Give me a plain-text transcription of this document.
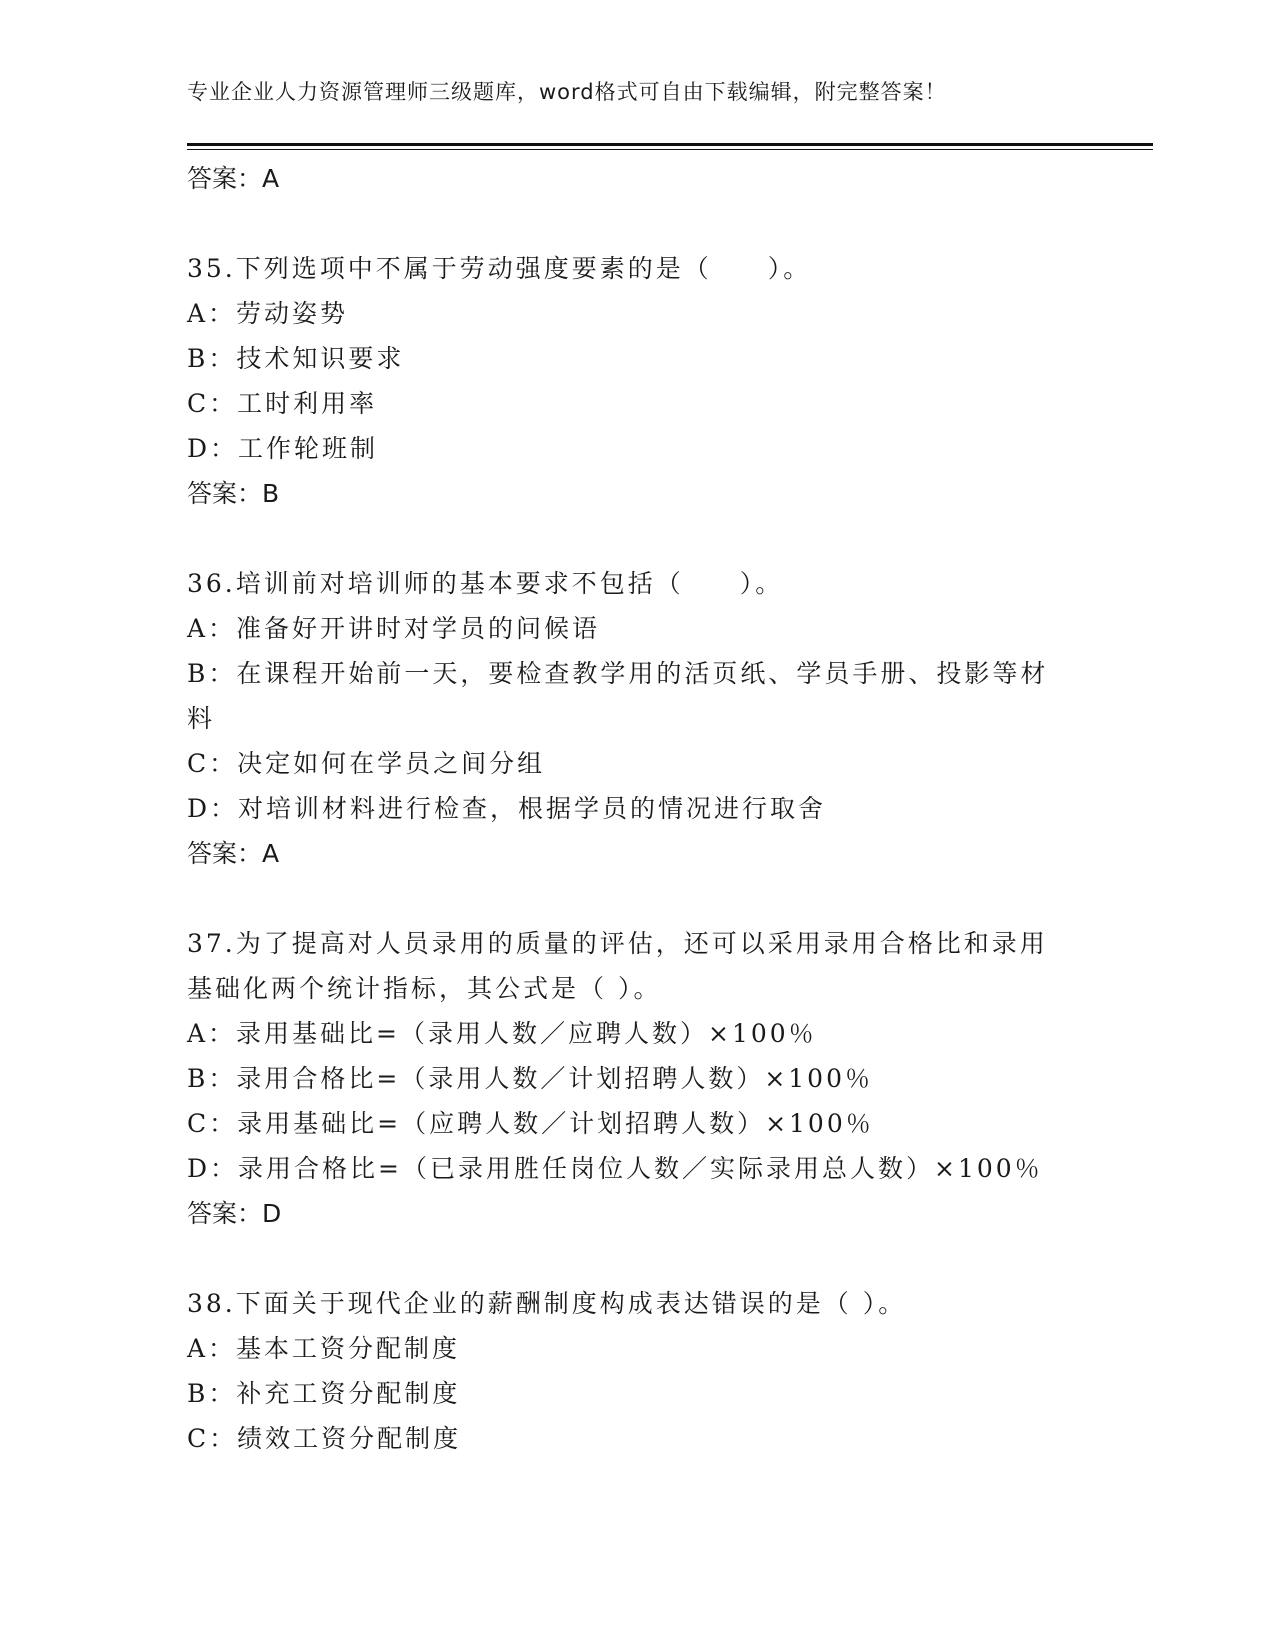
专业企业人力资源管理师三级题库，word格式可自由下载编辑，附完整答案！
答案：A
35.下列选项中不属于劳动强度要素的是（　　）。
A：劳动姿势
B：技术知识要求
C：工时利用率
D：工作轮班制
答案：B
36.培训前对培训师的基本要求不包括（　　）。
A：准备好开讲时对学员的问候语
B：在课程开始前一天，要检查教学用的活页纸、学员手册、投影等材料
C：决定如何在学员之间分组
D：对培训材料进行检查，根据学员的情况进行取舍
答案：A
37.为了提高对人员录用的质量的评估，还可以采用录用合格比和录用基础化两个统计指标，其公式是（ ）。
A：录用基础比=（录用人数／应聘人数）×100％
B：录用合格比=（录用人数／计划招聘人数）×100％
C：录用基础比=（应聘人数／计划招聘人数）×100％
D：录用合格比=（已录用胜任岗位人数／实际录用总人数）×100％
答案：D
38.下面关于现代企业的薪酬制度构成表达错误的是（ ）。
A：基本工资分配制度
B：补充工资分配制度
C：绩效工资分配制度
